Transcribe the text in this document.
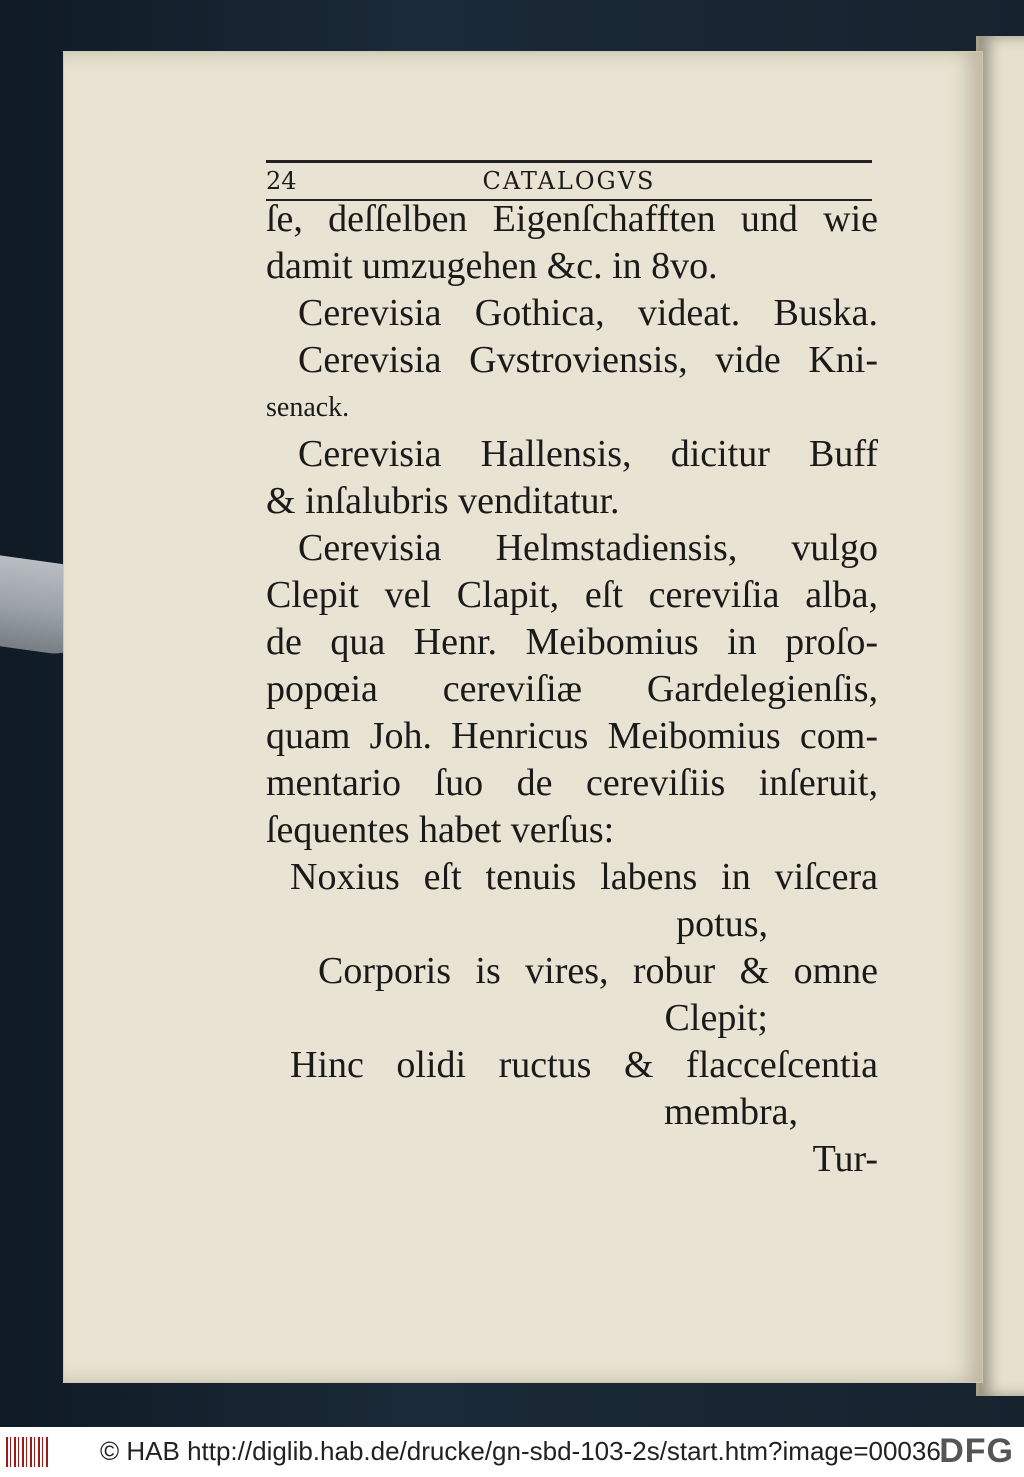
24	CATALOGVS
ſe, deſſelben Eigenſchafften und wie
damit umzugehen &c. in 8vo.
Cerevisia Gothica, videat. Buska.
Cerevisia Gvstroviensis, vide Kni-
senack.
Cerevisia Hallensis, dicitur Buff
& inſalubris venditatur.
Cerevisia Helmstadiensis, vulgo
Clepit vel Clapit, eſt cereviſia alba,
de qua Henr. Meibomius in proſo-
popœia cereviſiæ Gardelegienſis,
quam Joh. Henricus Meibomius com-
mentario ſuo de cereviſiis inſeruit,
ſequentes habet verſus:
Noxius eſt tenuis labens in viſcera
potus,
Corporis is vires, robur & omne
Clepit;
Hinc olidi ructus & flacceſcentia
membra,
Tur-
© HAB http://diglib.hab.de/drucke/gn-sbd-103-2s/start.htm?image=00036
DFG
